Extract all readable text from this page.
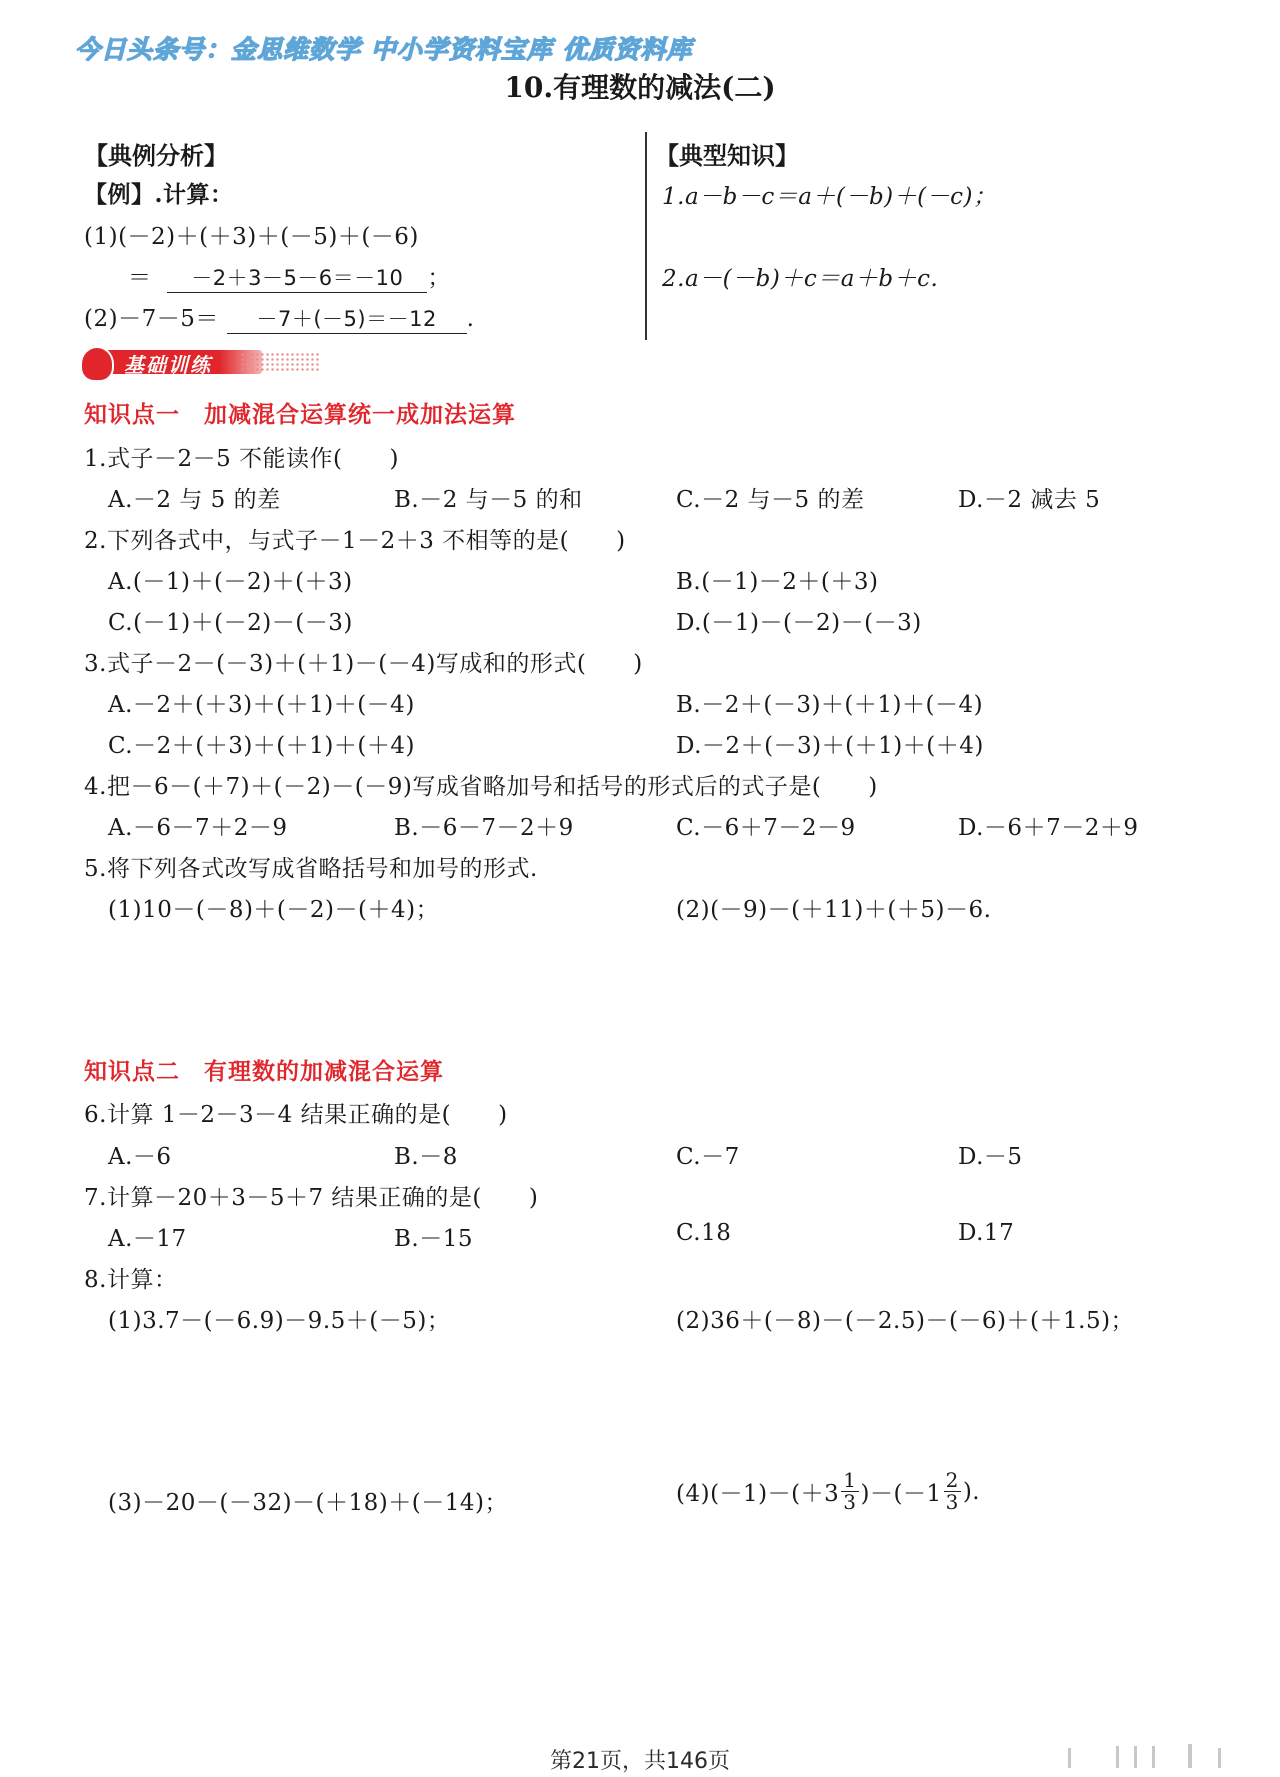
今日头条号：金思维数学 中小学资料宝库 优质资料库
10.有理数的减法(二)
【典例分析】
【例】.计算：
(1)(－2)＋(＋3)＋(－5)＋(－6)
＝ －2＋3－5－6＝－10 ；
(2)－7－5＝ －7＋(－5)＝－12 .
【典型知识】
1.a－b－c＝a＋(－b)＋(－c)；
2.a－(－b)＋c＝a＋b＋c.
基础训练
知识点一　加减混合运算统一成加法运算
1.式子－2－5 不能读作(　　)
A.－2 与 5 的差	B.－2 与－5 的和	C.－2 与－5 的差	D.－2 减去 5
2.下列各式中，与式子－1－2＋3 不相等的是(　　)
A.(－1)＋(－2)＋(＋3)	B.(－1)－2＋(＋3)
C.(－1)＋(－2)－(－3)	D.(－1)－(－2)－(－3)
3.式子－2－(－3)＋(＋1)－(－4)写成和的形式(　　)
A.－2＋(＋3)＋(＋1)＋(－4)	B.－2＋(－3)＋(＋1)＋(－4)
C.－2＋(＋3)＋(＋1)＋(＋4)	D.－2＋(－3)＋(＋1)＋(＋4)
4.把－6－(＋7)＋(－2)－(－9)写成省略加号和括号的形式后的式子是(　　)
A.－6－7＋2－9	B.－6－7－2＋9	C.－6＋7－2－9	D.－6＋7－2＋9
5.将下列各式改写成省略括号和加号的形式.
(1)10－(－8)＋(－2)－(＋4)；	(2)(－9)－(＋11)＋(＋5)－6.
知识点二　有理数的加减混合运算
6.计算 1－2－3－4 结果正确的是(　　)
A.－6	B.－8	C.－7	D.－5
7.计算－20＋3－5＋7 结果正确的是(　　)
A.－17	B.－15	C.18	D.17
8.计算：
(1)3.7－(－6.9)－9.5＋(－5)；	(2)36＋(－8)－(－2.5)－(－6)＋(＋1.5)；
(3)－20－(－32)－(＋18)＋(－14)；	$(4)(-1)-(+3 \frac{1}{3} )-(-1 \frac{2}{3}$ ).
第21页，共146页
